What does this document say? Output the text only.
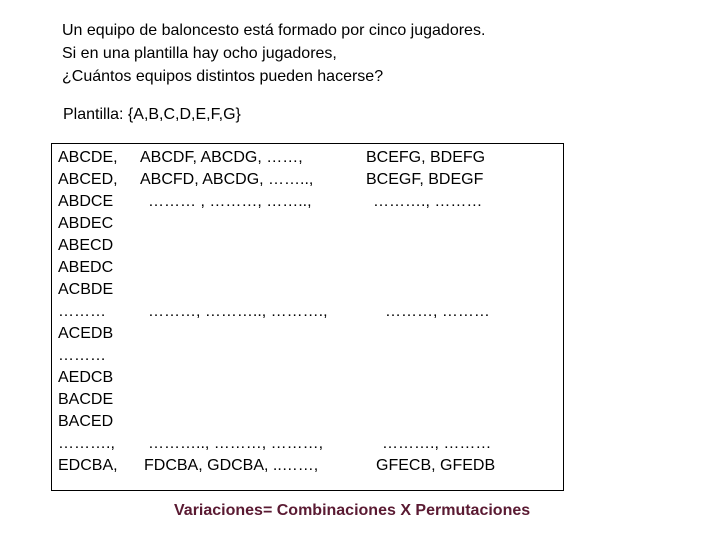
Un equipo de baloncesto está formado por cinco jugadores.
Si en una plantilla hay ocho jugadores,
¿Cuántos equipos distintos pueden hacerse?
Plantilla: {A,B,C,D,E,F,G}
ABCDE,
ABCED,
ABDCE
ABDEC
ABECD
ABEDC
ACBDE
………
ACEDB
………
AEDCB
BACDE
BACED
……….,
EDCBA,
ABCDF, ABCDG, ……,
ABCFD, ABCDG, ……..,
……… , ………, ……..,
………, ……….., ……….,
……….., ………, ………,
FDCBA, GDCBA, ..……,
BCEFG, BDEFG
BCEGF, BDEGF
………., ………
………, ………
………., ………
GFECB, GFEDB
Variaciones= Combinaciones X Permutaciones
